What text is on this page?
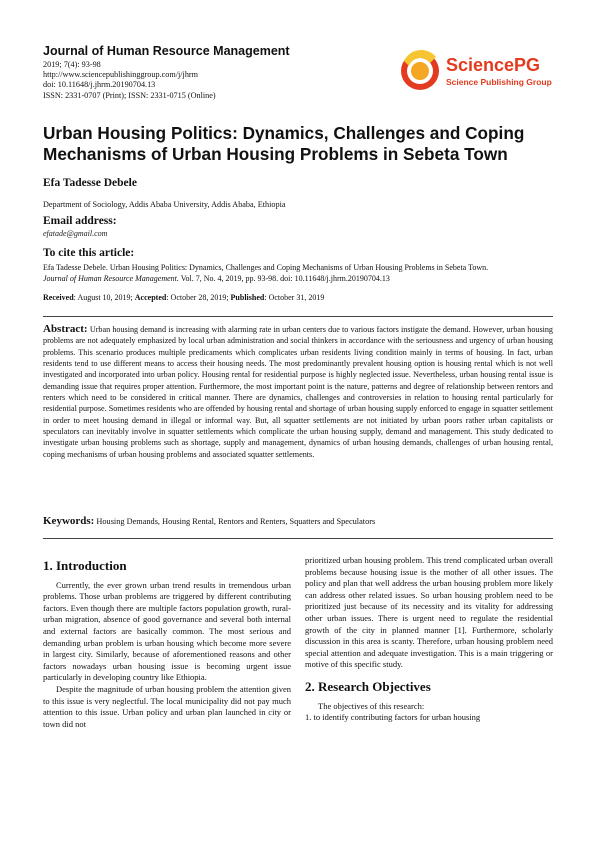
Journal of Human Resource Management
2019; 7(4): 93-98
http://www.sciencepublishinggroup.com/j/jhrm
doi: 10.11648/j.jhrm.20190704.13
ISSN: 2331-0707 (Print); ISSN: 2331-0715 (Online)
SciencePG
Science Publishing Group
Urban Housing Politics: Dynamics, Challenges and Coping Mechanisms of Urban Housing Problems in Sebeta Town
Efa Tadesse Debele
Department of Sociology, Addis Ababa University, Addis Ababa, Ethiopia
Email address:
efatade@gmail.com
To cite this article:
Efa Tadesse Debele. Urban Housing Politics: Dynamics, Challenges and Coping Mechanisms of Urban Housing Problems in Sebeta Town.
Journal of Human Resource Management. Vol. 7, No. 4, 2019, pp. 93-98. doi: 10.11648/j.jhrm.20190704.13
Received: August 10, 2019; Accepted: October 28, 2019; Published: October 31, 2019
Abstract: Urban housing demand is increasing with alarming rate in urban centers due to various factors instigate the demand. However, urban housing problems are not adequately emphasized by local urban administration and social thinkers in accordance with the seriousness and urgency of urban housing problems. This scenario produces multiple predicaments which complicates urban residents living condition mainly in terms of housing. In fact, urban residents tend to use different means to access their housing needs. The most predominantly prevalent housing option is housing rental which is not well investigated and incorporated into urban policy. Housing rental for residential purpose is highly neglected issue. Nevertheless, urban housing rental issue is demanding issue that requires proper attention. Furthermore, the most important point is the nature, patterns and degree of relationship between rentors and renters which need to be considered in critical manner. There are dynamics, challenges and controversies in relation to housing rental particularly for residential purpose. Sometimes residents who are offended by housing rental and shortage of urban housing supply enforced to engage in squatter settlement in order to meet housing demand in illegal or informal way. But, all squatter settlements are not initiated by urban poors rather urban capitalists or speculators can inevitably involve in squatter settlements which complicate the urban housing supply, demand and management. This study dedicated to investigate urban housing problems such as shortage, supply and management, dynamics of urban housing demands, challenges of urban housing rental, coping mechanisms of urban housing problems and associated squatter settlements.
Keywords: Housing Demands, Housing Rental, Rentors and Renters, Squatters and Speculators
1. Introduction

Currently, the ever grown urban trend results in tremendous urban problems. Those urban problems are triggered by different contributing factors. Even though there are multiple factors population growth, rural-urban migration, absence of good governance and several both internal and external factors are basically common. The most serious and demanding urban problem is urban housing which become more severe in largest city. Similarly, because of aforementioned reasons and other factors nowadays urban housing issue is becoming urgent issue particularly in developing country like Ethiopia.

Despite the magnitude of urban housing problem the attention given to this issue is very neglectful. The local municipality did not pay much attention to this issue. Urban policy and urban plan launched in city or town did not

prioritized urban housing problem. This trend complicated urban overall problems because housing issue is the mother of all other issues. The policy and plan that well address the urban housing problem more likely can address other related issues. So urban housing problem need to be prioritized just because of its necessity and its vitality for addressing other urban issues. There is urgent need to regulate the residential growth of the city in planned manner [1]. Furthermore, scholarly discussion in this area is scanty. Therefore, urban housing problem need special attention and adequate investigation. This is a main triggering or motive of this specific study.

2. Research Objectives

The objectives of this research:

1. to identify contributing factors for urban housing
